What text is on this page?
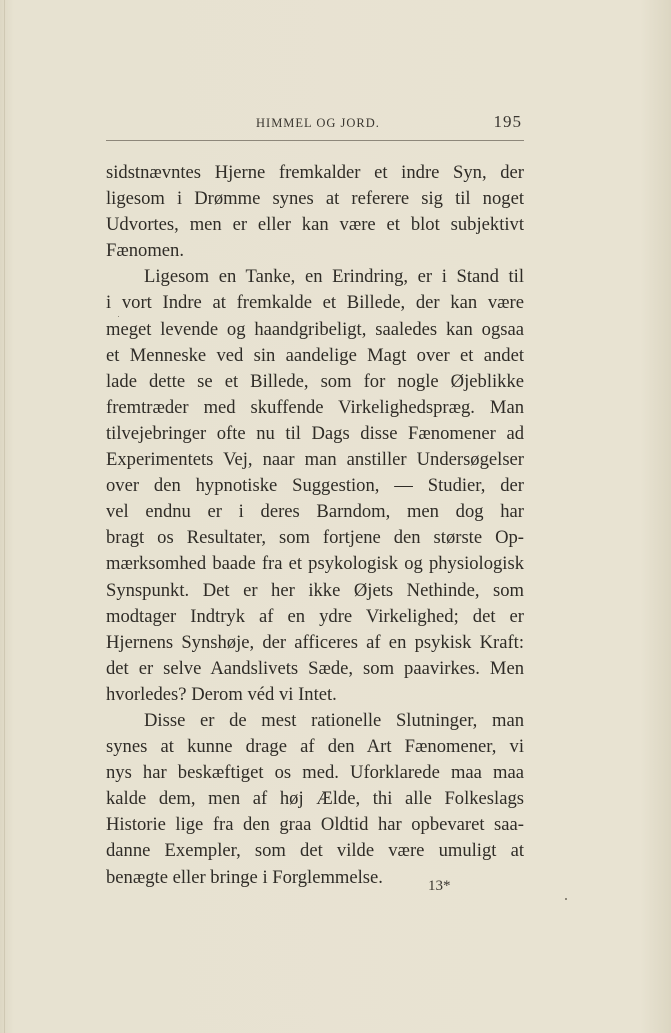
HIMMEL OG JORD.	195
sidstnævntes Hjerne fremkalder et indre Syn, der
ligesom i Drømme synes at referere sig til noget
Udvortes, men er eller kan være et blot subjektivt
Fænomen.
Ligesom en Tanke, en Erindring, er i Stand til
i vort Indre at fremkalde et Billede, der kan være
meget levende og haandgribeligt, saaledes kan ogsaa
et Menneske ved sin aandelige Magt over et andet
lade dette se et Billede, som for nogle Øjeblikke
fremtræder med skuffende Virkelighedspræg. Man
tilvejebringer ofte nu til Dags disse Fænomener ad
Experimentets Vej, naar man anstiller Undersøgelser
over den hypnotiske Suggestion, — Studier, der
vel endnu er i deres Barndom, men dog har
bragt os Resultater, som fortjene den største Op-
mærksomhed baade fra et psykologisk og physiologisk
Synspunkt. Det er her ikke Øjets Nethinde, som
modtager Indtryk af en ydre Virkelighed; det er
Hjernens Synshøje, der afficeres af en psykisk Kraft:
det er selve Aandslivets Sæde, som paavirkes. Men
hvorledes? Derom véd vi Intet.
Disse er de mest rationelle Slutninger, man
synes at kunne drage af den Art Fænomener, vi
nys har beskæftiget os med. Uforklarede maa maa
kalde dem, men af høj Ælde, thi alle Folkeslags
Historie lige fra den graa Oldtid har opbevaret saa-
danne Exempler, som det vilde være umuligt at
benægte eller bringe i Forglemmelse.	13*
